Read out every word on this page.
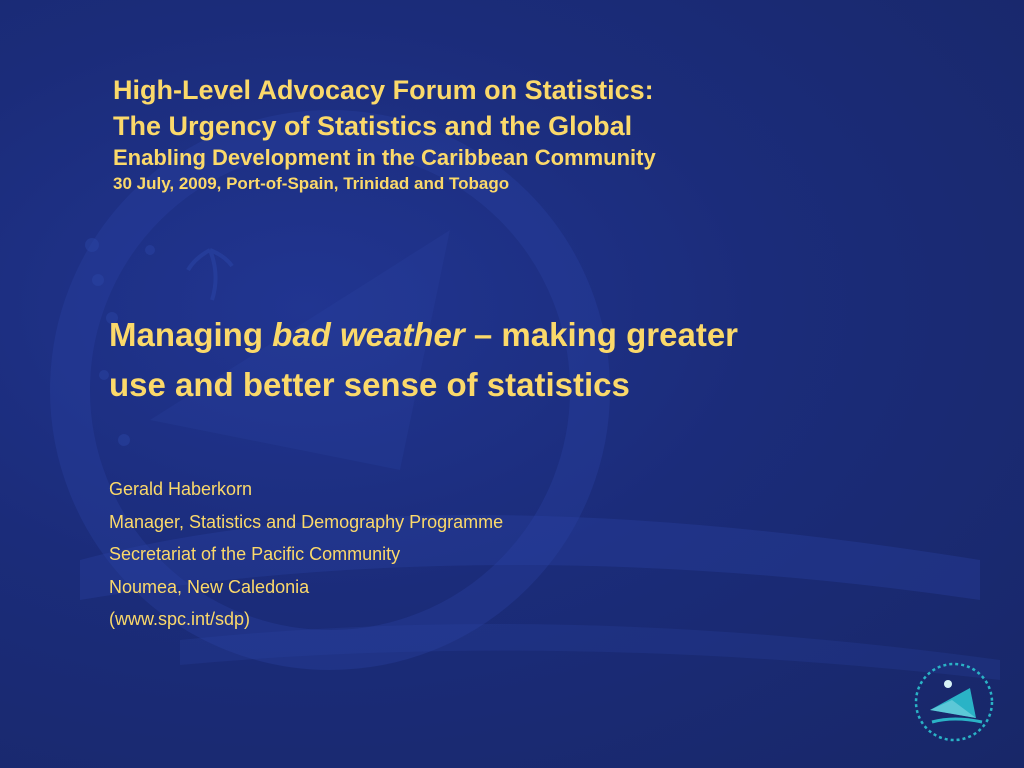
High-Level Advocacy Forum on Statistics:
The Urgency of Statistics and the Global
Enabling Development in the Caribbean Community
30 July, 2009, Port-of-Spain, Trinidad and Tobago
Managing bad weather – making greater
use and better sense of statistics
Gerald Haberkorn
Manager, Statistics and Demography Programme
Secretariat of the Pacific Community
Noumea, New Caledonia
(www.spc.int/sdp)
